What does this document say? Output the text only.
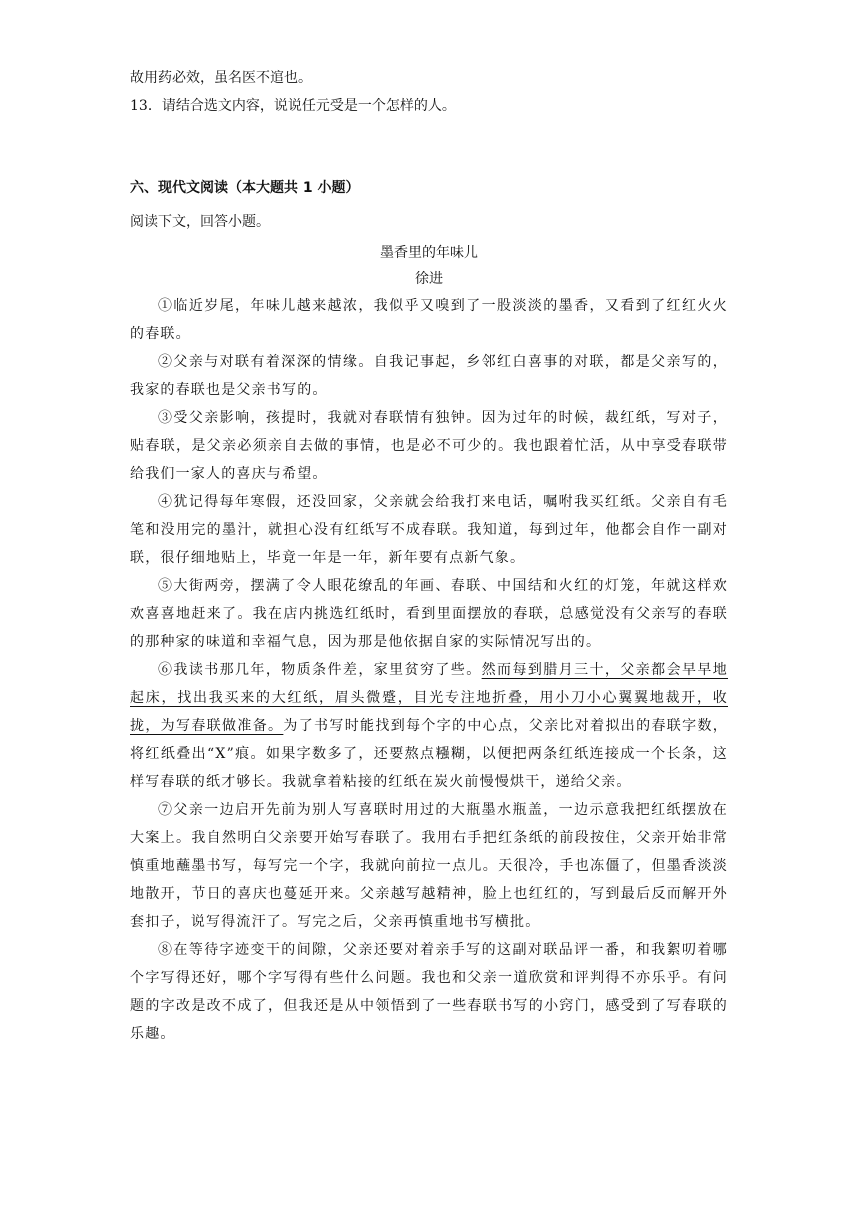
故用药必效，虽名医不逭也。
13．请结合选文内容，说说任元受是一个怎样的人。
六、现代文阅读（本大题共 1 小题）
阅读下文，回答小题。
墨香里的年味儿
徐进

①临近岁尾，年味儿越来越浓，我似乎又嗅到了一股淡淡的墨香，又看到了红红火火的春联。

②父亲与对联有着深深的情缘。自我记事起，乡邻红白喜事的对联，都是父亲写的，我家的春联也是父亲书写的。

③受父亲影响，孩提时，我就对春联情有独钟。因为过年的时候，裁红纸，写对子，贴春联，是父亲必须亲自去做的事情，也是必不可少的。我也跟着忙活，从中享受春联带给我们一家人的喜庆与希望。

④犹记得每年寒假，还没回家，父亲就会给我打来电话，嘱咐我买红纸。父亲自有毛笔和没用完的墨汁，就担心没有红纸写不成春联。我知道，每到过年，他都会自作一副对联，很仔细地贴上，毕竟一年是一年，新年要有点新气象。

⑤大街两旁，摆满了令人眼花缭乱的年画、春联、中国结和火红的灯笼，年就这样欢欢喜喜地赶来了。我在店内挑选红纸时，看到里面摆放的春联，总感觉没有父亲写的春联的那种家的味道和幸福气息，因为那是他依据自家的实际情况写出的。

⑥我读书那几年，物质条件差，家里贫穷了些。然而每到腊月三十，父亲都会早早地起床，找出我买来的大红纸，眉头微蹙，目光专注地折叠，用小刀小心翼翼地裁开，收拢，为写春联做准备。为了书写时能找到每个字的中心点，父亲比对着拟出的春联字数，将红纸叠出“X”痕。如果字数多了，还要熬点糨糊，以便把两条红纸连接成一个长条，这样写春联的纸才够长。我就拿着粘接的红纸在炭火前慢慢烘干，递给父亲。

⑦父亲一边启开先前为别人写喜联时用过的大瓶墨水瓶盖，一边示意我把红纸摆放在大案上。我自然明白父亲要开始写春联了。我用右手把红条纸的前段按住，父亲开始非常慎重地蘸墨书写，每写完一个字，我就向前拉一点儿。天很冷，手也冻僵了，但墨香淡淡地散开，节日的喜庆也蔓延开来。父亲越写越精神，脸上也红红的，写到最后反而解开外套扣子，说写得流汗了。写完之后，父亲再慎重地书写横批。

⑧在等待字迹变干的间隙，父亲还要对着亲手写的这副对联品评一番，和我絮叨着哪个字写得还好，哪个字写得有些什么问题。我也和父亲一道欣赏和评判得不亦乐乎。有问题的字改是改不成了，但我还是从中领悟到了一些春联书写的小窍门，感受到了写春联的乐趣。
